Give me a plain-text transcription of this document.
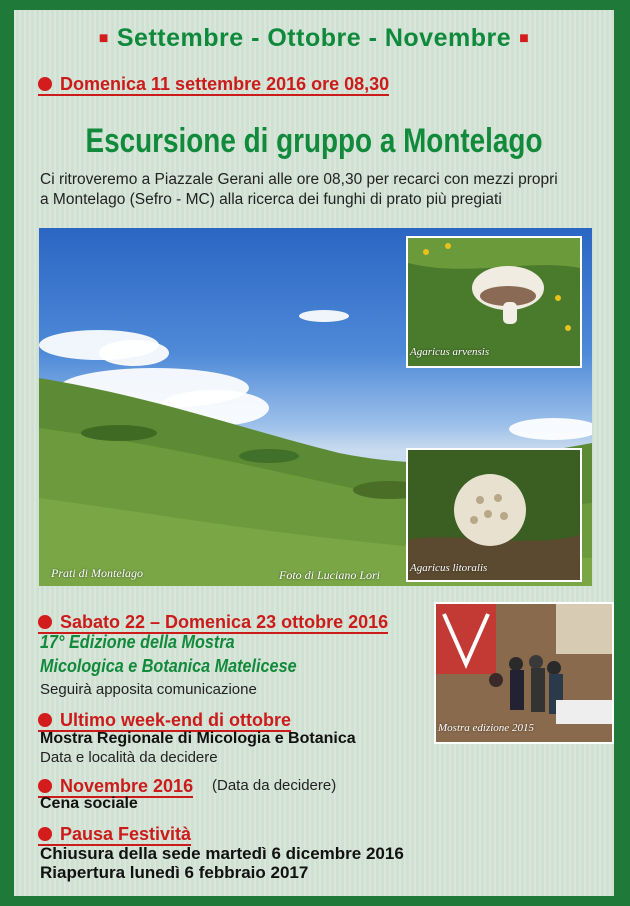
■ Settembre - Ottobre - Novembre ■
Domenica 11 settembre 2016 ore 08,30
Escursione di gruppo a Montelago
Ci ritroveremo a Piazzale Gerani alle ore 08,30 per recarci con mezzi propri
a Montelago (Sefro - MC) alla ricerca dei funghi di prato più pregiati
Prati di Montelago	Foto di Luciano Lori
Agaricus arvensis
Agaricus litoralis
Sabato 22 – Domenica 23 ottobre 2016
17° Edizione della Mostra
Micologica e Botanica Matelicese
Seguirà apposita comunicazione
Mostra edizione 2015
Ultimo week-end di ottobre
Mostra Regionale di Micologia e Botanica
Data e località da decidere
Novembre 2016 (Data da decidere)
Cena sociale
Pausa Festività
Chiusura della sede martedì 6 dicembre 2016
Riapertura lunedì 6 febbraio 2017
